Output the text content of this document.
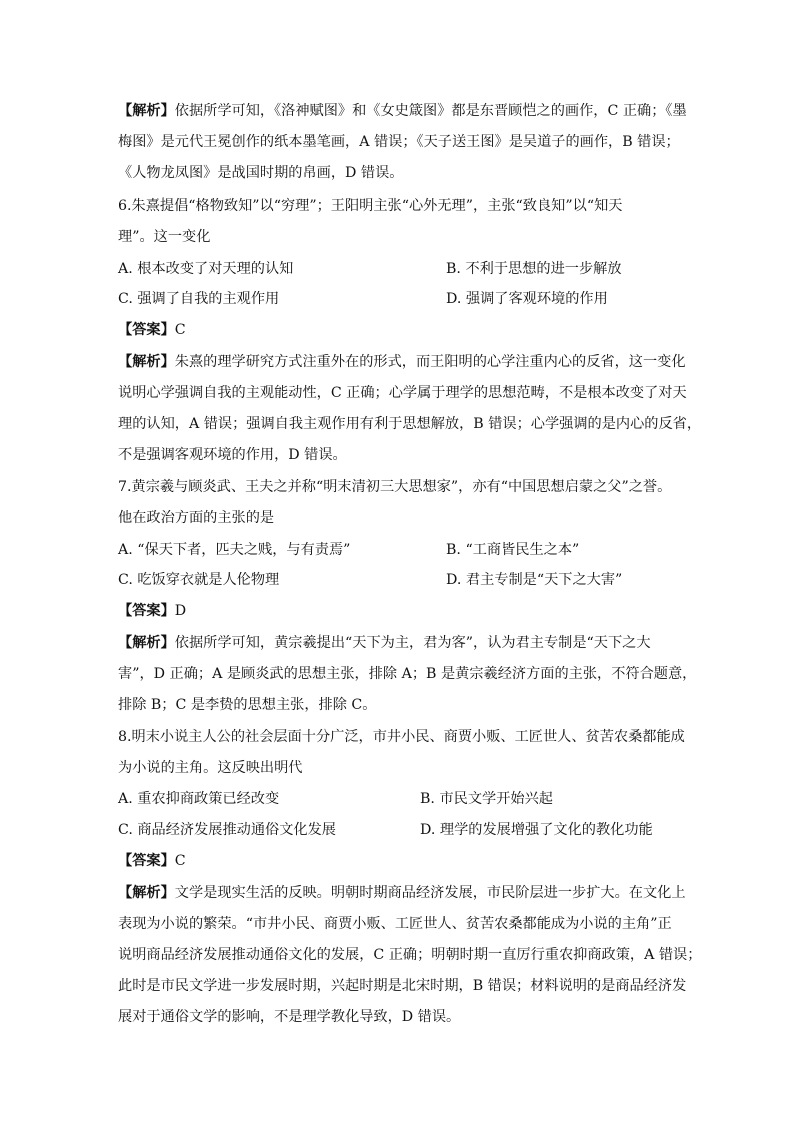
【解析】依据所学可知，《洛神赋图》和《女史箴图》都是东晋顾恺之的画作，C 正确；《墨
梅图》是元代王冕创作的纸本墨笔画，A 错误；《天子送王图》是吴道子的画作，B 错误；
《人物龙凤图》是战国时期的帛画，D 错误。
6.朱熹提倡“格物致知”以“穷理”；王阳明主张“心外无理”，主张“致良知”以“知天
理”。这一变化
A. 根本改变了对天理的认知	B. 不利于思想的进一步解放
C. 强调了自我的主观作用	D. 强调了客观环境的作用
【答案】C
【解析】朱熹的理学研究方式注重外在的形式，而王阳明的心学注重内心的反省，这一变化
说明心学强调自我的主观能动性，C 正确；心学属于理学的思想范畴，不是根本改变了对天
理的认知，A 错误；强调自我主观作用有利于思想解放，B 错误；心学强调的是内心的反省，
不是强调客观环境的作用，D 错误。
7.黄宗羲与顾炎武、王夫之并称“明末清初三大思想家”，亦有“中国思想启蒙之父”之誉。
他在政治方面的主张的是
A. “保天下者，匹夫之贱，与有责焉”	B. “工商皆民生之本”
C. 吃饭穿衣就是人伦物理	D. 君主专制是“天下之大害”
【答案】D
【解析】依据所学可知，黄宗羲提出“天下为主，君为客”，认为君主专制是“天下之大
害”，D 正确；A 是顾炎武的思想主张，排除 A；B 是黄宗羲经济方面的主张，不符合题意，
排除 B；C 是李贽的思想主张，排除 C。
8.明末小说主人公的社会层面十分广泛，市井小民、商贾小贩、工匠世人、贫苦农桑都能成
为小说的主角。这反映出明代
A. 重农抑商政策已经改变	B. 市民文学开始兴起
C. 商品经济发展推动通俗文化发展	D. 理学的发展增强了文化的教化功能
【答案】C
【解析】文学是现实生活的反映。明朝时期商品经济发展，市民阶层进一步扩大。在文化上
表现为小说的繁荣。“市井小民、商贾小贩、工匠世人、贫苦农桑都能成为小说的主角”正
说明商品经济发展推动通俗文化的发展，C 正确；明朝时期一直厉行重农抑商政策，A 错误；
此时是市民文学进一步发展时期，兴起时期是北宋时期，B 错误；材料说明的是商品经济发
展对于通俗文学的影响，不是理学教化导致，D 错误。
